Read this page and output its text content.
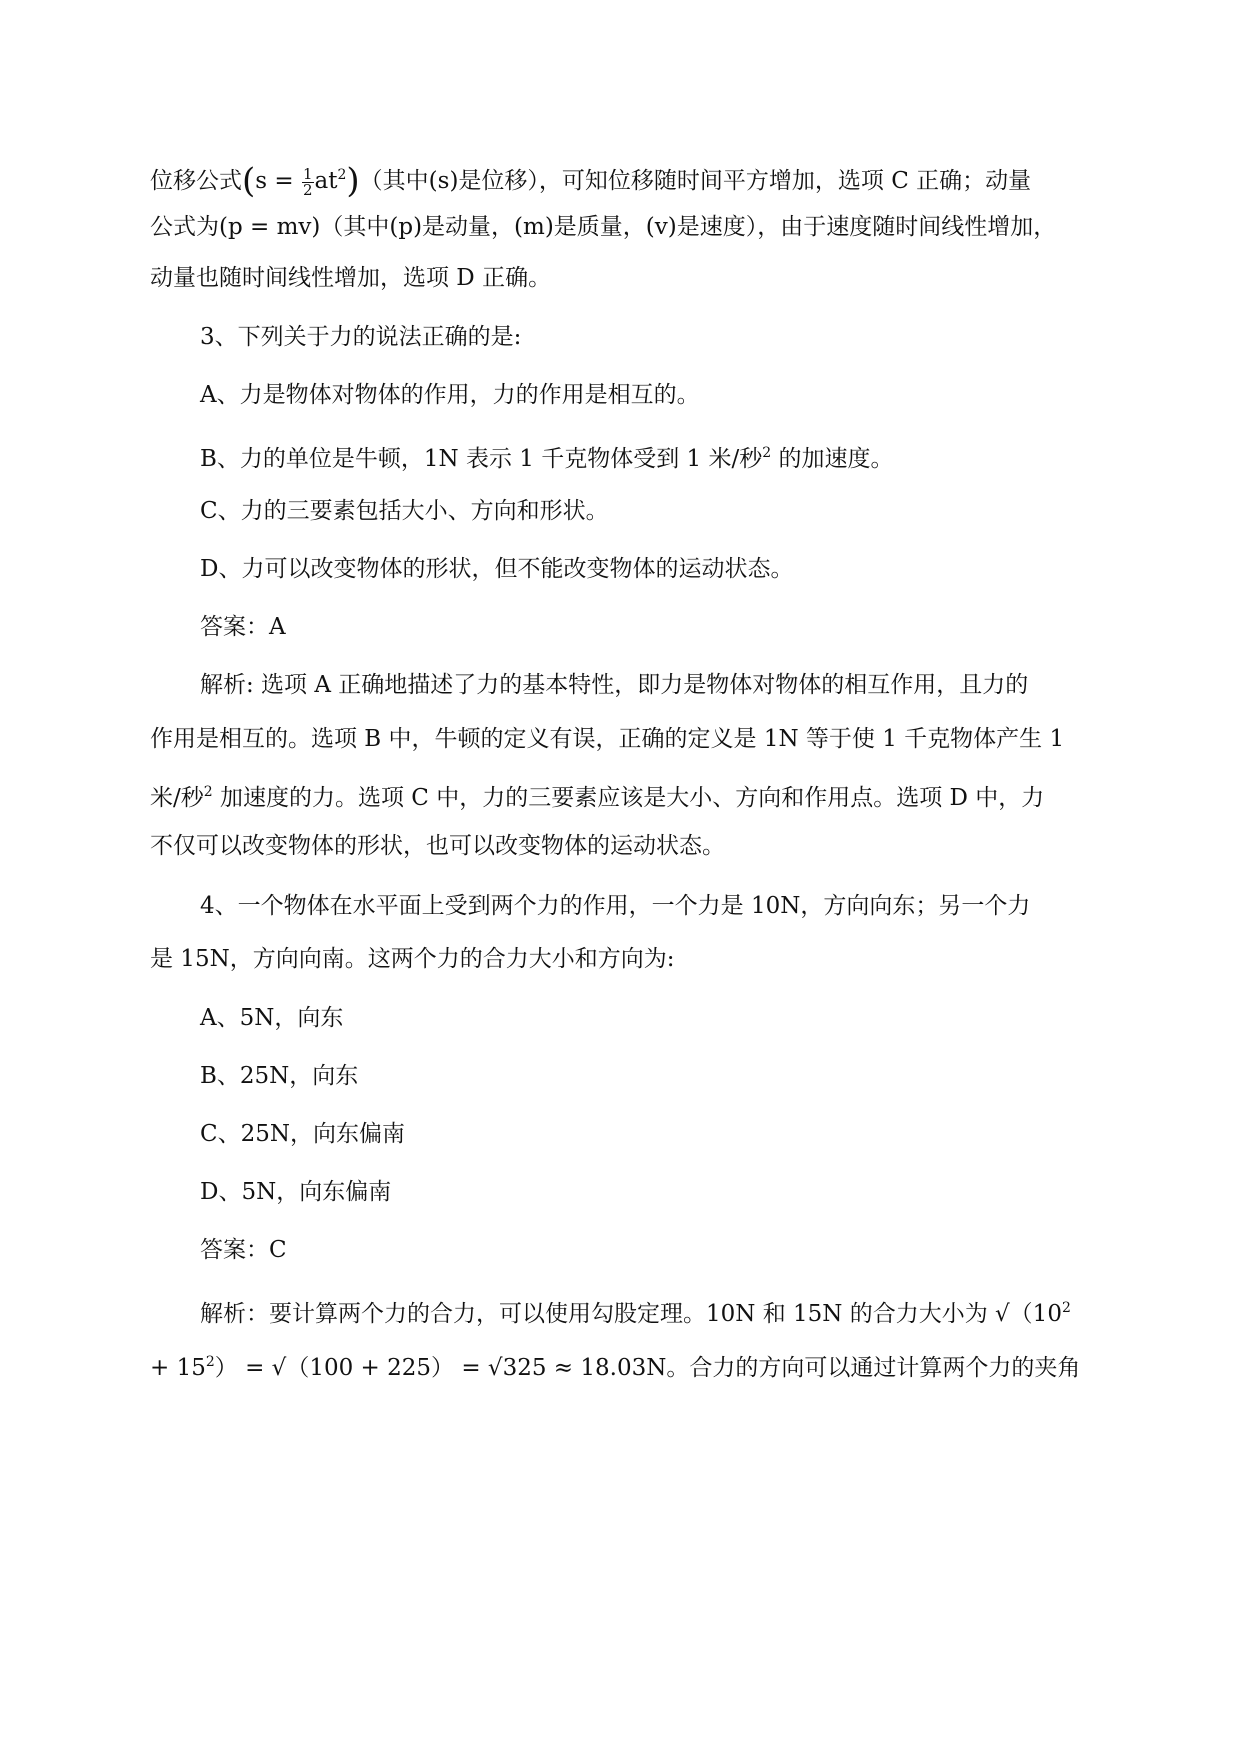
位移公式$(s = \frac{1}{2} at^2)$（其中(s)是位移），可知位移随时间平方增加，选项 C 正确；动量
公式为(p = mv)（其中(p)是动量，(m)是质量，(v)是速度），由于速度随时间线性增加，
动量也随时间线性增加，选项 D 正确。
3、下列关于力的说法正确的是:
A、力是物体对物体的作用，力的作用是相互的。
B、力的单位是牛顿，1N 表示 1 千克物体受到 1 米/秒$^2$ 的加速度。
C、力的三要素包括大小、方向和形状。
D、力可以改变物体的形状，但不能改变物体的运动状态。
答案：A
解析: 选项 A 正确地描述了力的基本特性，即力是物体对物体的相互作用，且力的
作用是相互的。选项 B 中，牛顿的定义有误，正确的定义是 1N 等于使 1 千克物体产生 1
米/秒$^2$ 加速度的力。选项 C 中，力的三要素应该是大小、方向和作用点。选项 D 中，力
不仅可以改变物体的形状，也可以改变物体的运动状态。
4、一个物体在水平面上受到两个力的作用，一个力是 10N，方向向东；另一个力
是 15N，方向向南。这两个力的合力大小和方向为:
A、5N，向东
B、25N，向东
C、25N，向东偏南
D、5N，向东偏南
答案：C
解析：要计算两个力的合力，可以使用勾股定理。10N 和 15N 的合力大小为 $√(10^2$
+ $15^2) = √(100 + 225) = √325 \approx 18.03N$。合力的方向可以通过计算两个力的夹角
